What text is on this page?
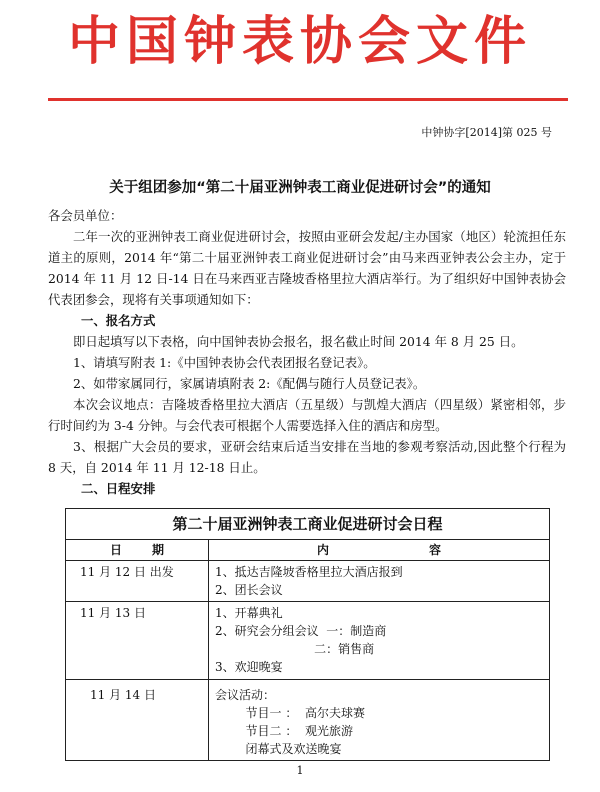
中国钟表协会文件
中钟协字[2014]第 025 号
关于组团参加“第二十届亚洲钟表工商业促进研讨会”的通知

各会员单位：

二年一次的亚洲钟表工商业促进研讨会，按照由亚研会发起/主办国家（地区）轮流担任东道主的原则，2014 年“第二十届亚洲钟表工商业促进研讨会”由马来西亚钟表公会主办，定于 2014 年 11 月 12 日-14 日在马来西亚吉隆坡香格里拉大酒店举行。为了组织好中国钟表协会代表团参会，现将有关事项通知如下：

一、报名方式

即日起填写以下表格，向中国钟表协会报名，报名截止时间 2014 年 8 月 25 日。

1、请填写附表 1:《中国钟表协会代表团报名登记表》。

2、如带家属同行，家属请填附表 2:《配偶与随行人员登记表》。

本次会议地点：吉隆坡香格里拉大酒店（五星级）与凯煌大酒店（四星级）紧密相邻，步行时间约为 3-4 分钟。与会代表可根据个人需要选择入住的酒店和房型。

3、根据广大会员的要求，亚研会结束后适当安排在当地的参观考察活动,因此整个行程为 8 天，自 2014 年 11 月 12-18 日止。

二、日程安排

第二十届亚洲钟表工商业促进研讨会日程	
日期	内容
11 月 12 日 出发	1、抵达吉隆坡香格里拉大酒店报到
2、团长会议

11 月 13 日	1、开幕典礼
2、研究会分组会议  一：制造商
二：销售商
3、欢迎晚宴

11 月 14 日	会议活动：
节目一 ：  高尔夫球赛
节目二 ：  观光旅游
闭幕式及欢送晚宴
1
